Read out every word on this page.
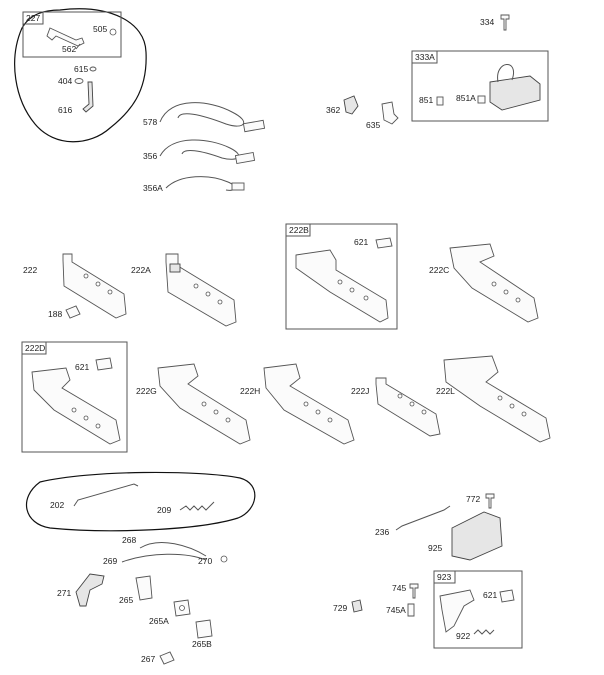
227
505
562
615
404
616
334
333A
851	851A
362
635
578
356
356A
222B
621
222
188
222A	222C
222D
621
222G	222H	222J	222L
202	209
772
236
925
268
269	270
271
265
923
621
922
745
745A
729
265A
265B
267
